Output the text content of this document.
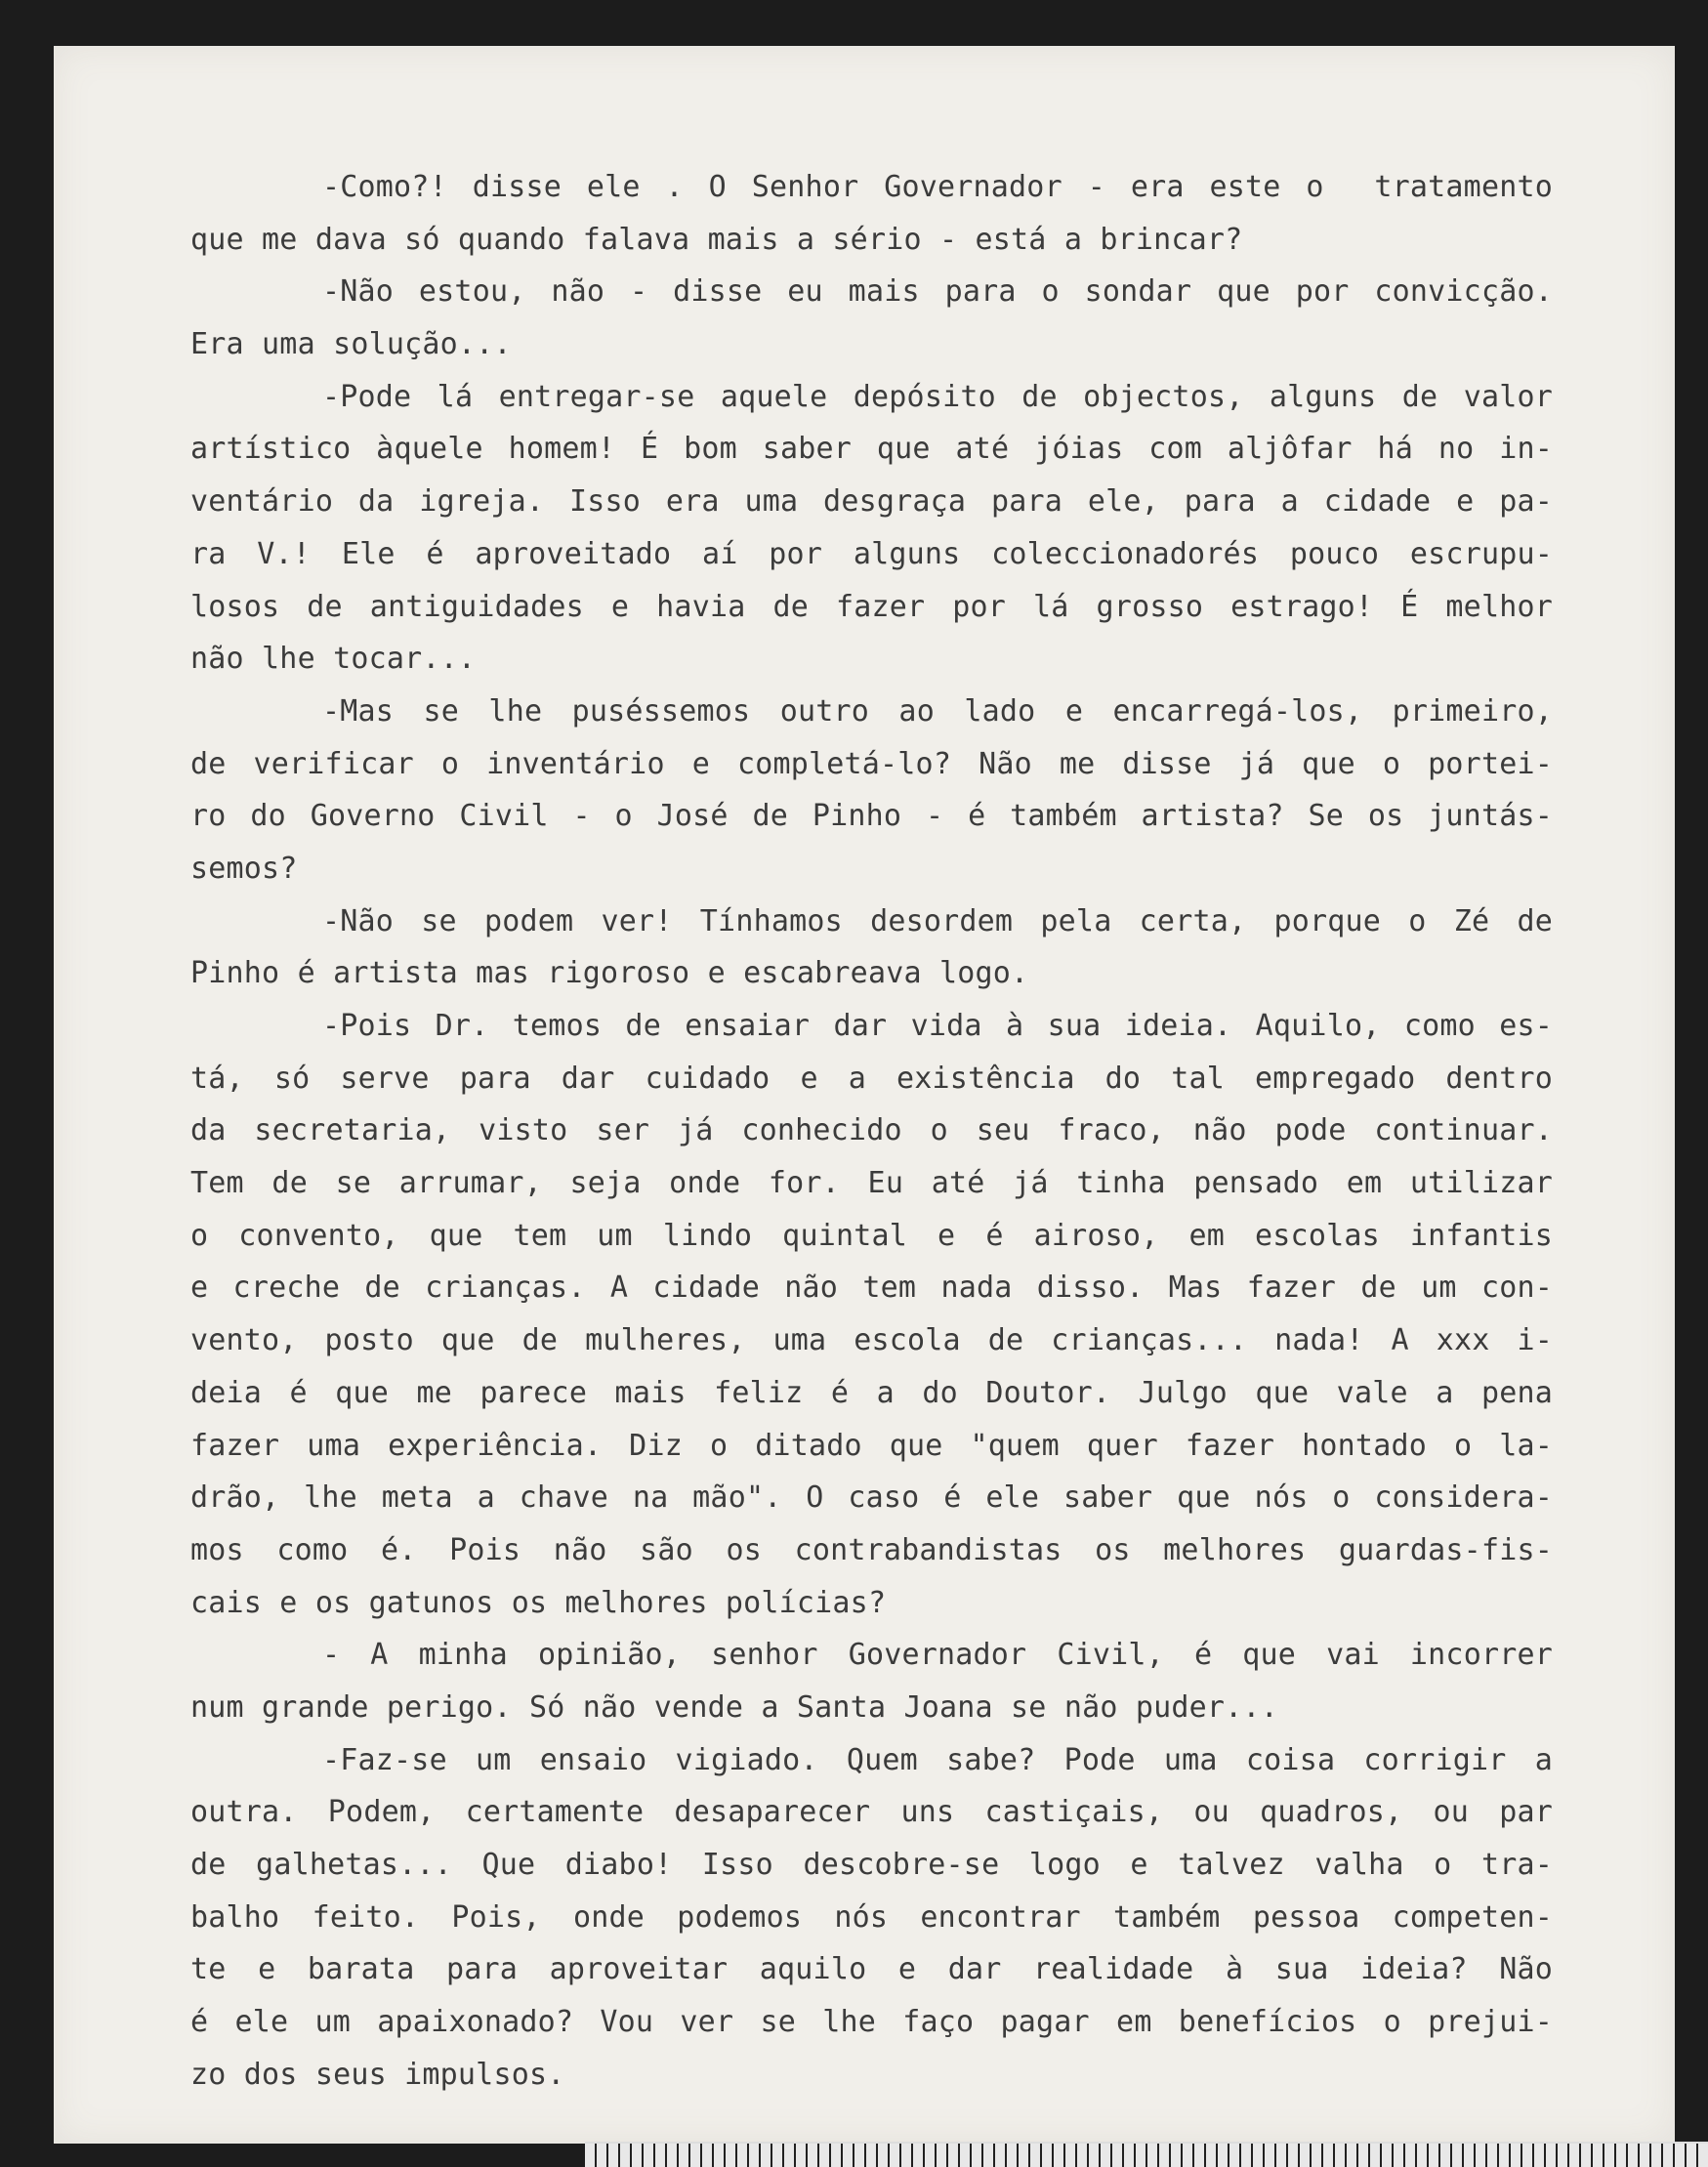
-Como?! disse ele . O Senhor Governador - era este o  tratamento
que me dava só quando falava mais a sério - está a brincar?
-Não estou, não - disse eu mais para o sondar que por convicção.
Era uma solução...
-Pode lá entregar-se aquele depósito de objectos, alguns de valor
artístico àquele homem! É bom saber que até jóias com aljôfar há no in-
ventário da igreja. Isso era uma desgraça para ele, para a cidade e pa-
ra V.! Ele é aproveitado aí por alguns coleccionadorés pouco escrupu-
losos de antiguidades e havia de fazer por lá grosso estrago! É melhor
não lhe tocar...
-Mas se lhe puséssemos outro ao lado e encarregá-los, primeiro,
de verificar o inventário e completá-lo? Não me disse já que o portei-
ro do Governo Civil - o José de Pinho - é também artista? Se os juntás-
semos?
-Não se podem ver! Tínhamos desordem pela certa, porque o Zé de
Pinho é artista mas rigoroso e escabreava logo.
-Pois Dr. temos de ensaiar dar vida à sua ideia. Aquilo, como es-
tá, só serve para dar cuidado e a existência do tal empregado dentro
da secretaria, visto ser já conhecido o seu fraco, não pode continuar.
Tem de se arrumar, seja onde for. Eu até já tinha pensado em utilizar
o convento, que tem um lindo quintal e é airoso, em escolas infantis
e creche de crianças. A cidade não tem nada disso. Mas fazer de um con-
vento, posto que de mulheres, uma escola de crianças... nada! A xxx i-
deia é que me parece mais feliz é a do Doutor. Julgo que vale a pena
fazer uma experiência. Diz o ditado que "quem quer fazer hontado o la-
drão, lhe meta a chave na mão". O caso é ele saber que nós o considera-
mos como é. Pois não são os contrabandistas os melhores guardas-fis-
cais e os gatunos os melhores polícias?
- A minha opinião, senhor Governador Civil, é que vai incorrer
num grande perigo. Só não vende a Santa Joana se não puder...
-Faz-se um ensaio vigiado. Quem sabe? Pode uma coisa corrigir a
outra. Podem, certamente desaparecer uns castiçais, ou quadros, ou par
de galhetas... Que diabo! Isso descobre-se logo e talvez valha o tra-
balho feito. Pois, onde podemos nós encontrar também pessoa competen-
te e barata para aproveitar aquilo e dar realidade à sua ideia? Não
é ele um apaixonado? Vou ver se lhe faço pagar em benefícios o prejui-
zo dos seus impulsos.
